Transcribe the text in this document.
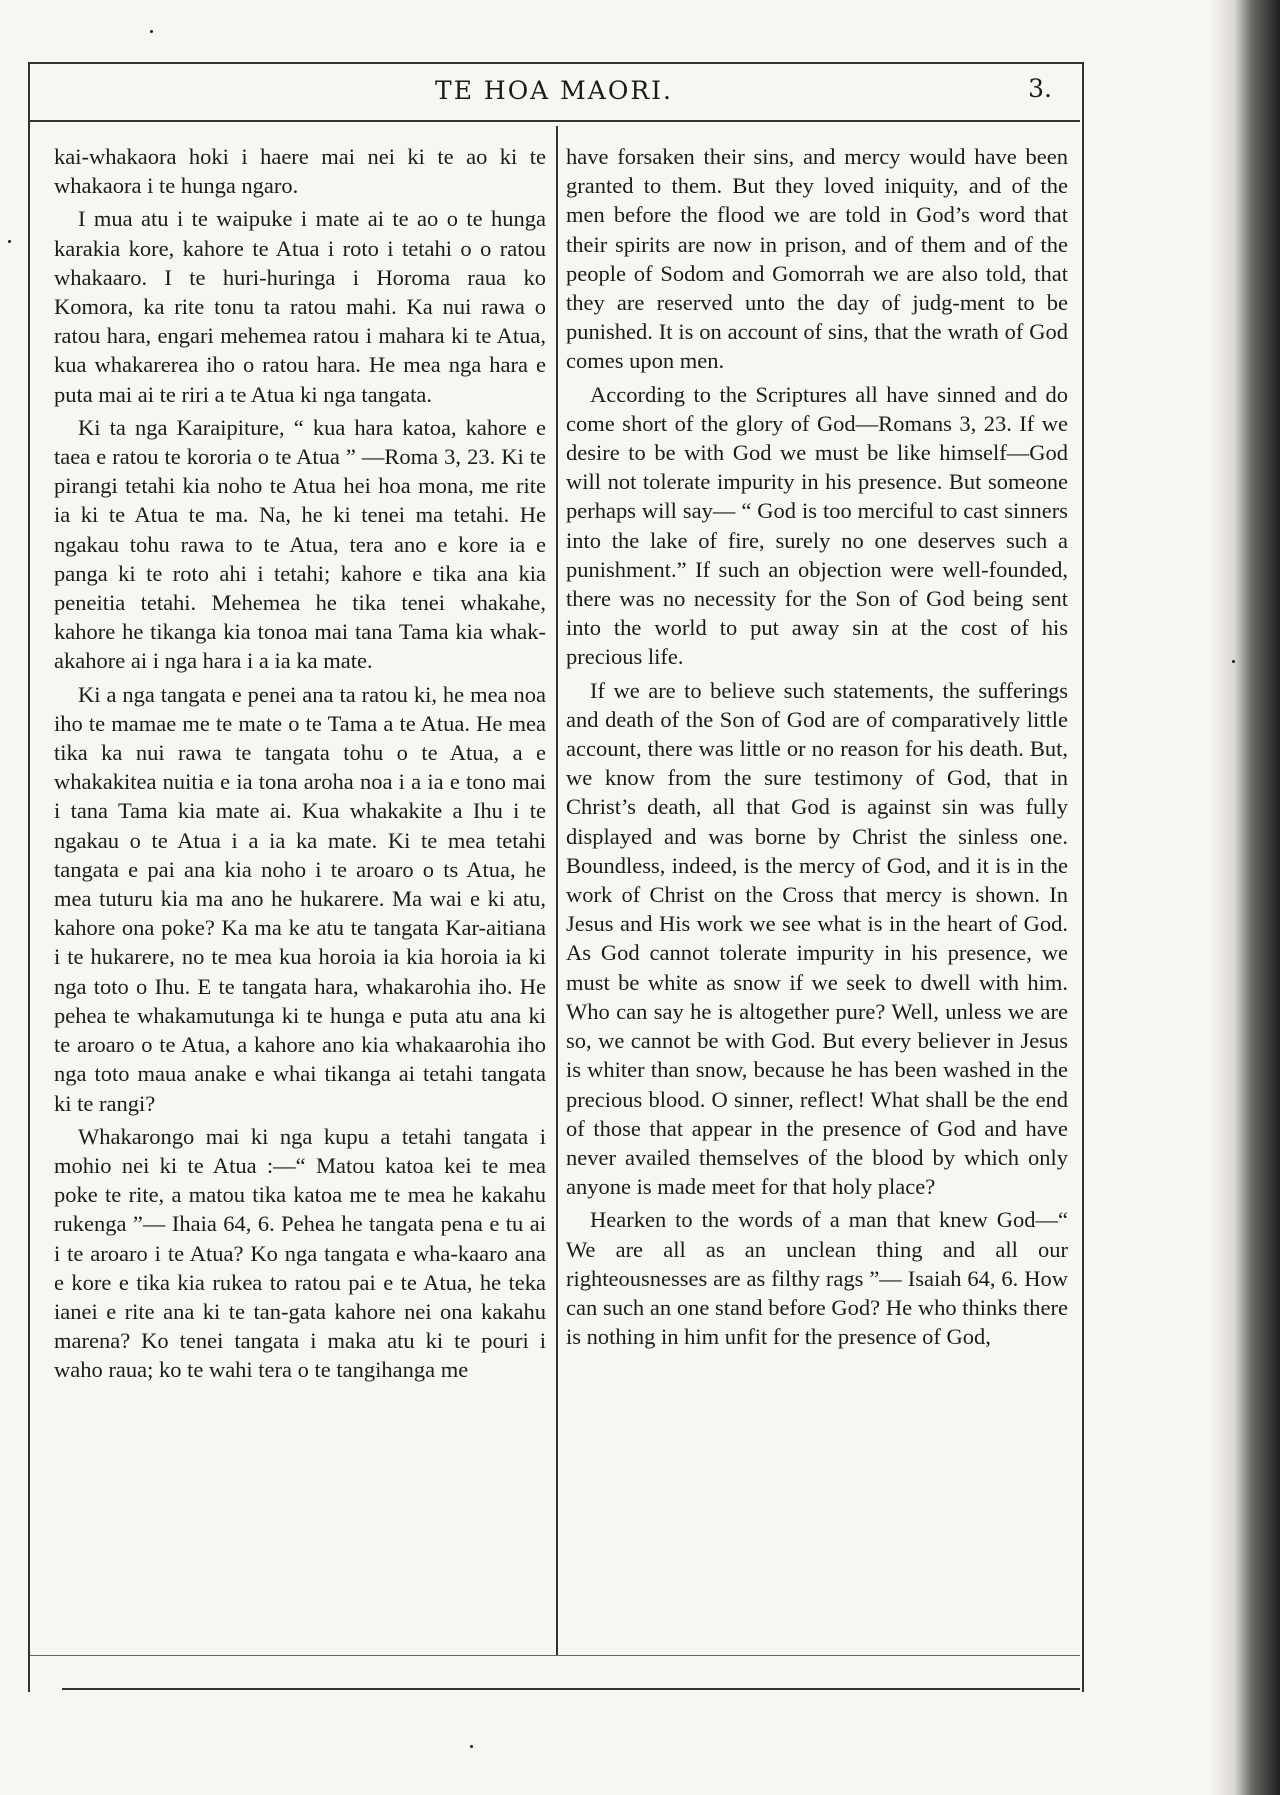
TE HOA MAORI.	3.

kai-whakaora hoki i haere mai nei ki te ao ki te whakaora i te hunga ngaro.

I mua atu i te waipuke i mate ai te ao o te hunga karakia kore, kahore te Atua i roto i tetahi o o ratou whakaaro. I te huri-huringa i Horoma raua ko Komora, ka rite tonu ta ratou mahi. Ka nui rawa o ratou hara, engari mehemea ratou i mahara ki te Atua, kua whakarerea iho o ratou hara. He mea nga hara e puta mai ai te riri a te Atua ki nga tangata.

Ki ta nga Karaipiture, “ kua hara katoa, kahore e taea e ratou te kororia o te Atua ” —Roma 3, 23. Ki te pirangi tetahi kia noho te Atua hei hoa mona, me rite ia ki te Atua te ma. Na, he ki tenei ma tetahi. He ngakau tohu rawa to te Atua, tera ano e kore ia e panga ki te roto ahi i tetahi; kahore e tika ana kia peneitia tetahi. Mehemea he tika tenei whakahe, kahore he tikanga kia tonoa mai tana Tama kia whak-akahore ai i nga hara i a ia ka mate.

Ki a nga tangata e penei ana ta ratou ki, he mea noa iho te mamae me te mate o te Tama a te Atua. He mea tika ka nui rawa te tangata tohu o te Atua, a e whakakitea nuitia e ia tona aroha noa i a ia e tono mai i tana Tama kia mate ai. Kua whakakite a Ihu i te ngakau o te Atua i a ia ka mate. Ki te mea tetahi tangata e pai ana kia noho i te aroaro o ts Atua, he mea tuturu kia ma ano he hukarere. Ma wai e ki atu, kahore ona poke? Ka ma ke atu te tangata Kar-aitiana i te hukarere, no te mea kua horoia ia kia horoia ia ki nga toto o Ihu. E te tangata hara, whakarohia iho. He pehea te whakamutunga ki te hunga e puta atu ana ki te aroaro o te Atua, a kahore ano kia whakaarohia iho nga toto maua anake e whai tikanga ai tetahi tangata ki te rangi?

Whakarongo mai ki nga kupu a tetahi tangata i mohio nei ki te Atua :—“ Matou katoa kei te mea poke te rite, a matou tika katoa me te mea he kakahu rukenga ”— Ihaia 64, 6. Pehea he tangata pena e tu ai i te aroaro i te Atua? Ko nga tangata e wha-kaaro ana e kore e tika kia rukea to ratou pai e te Atua, he teka ianei e rite ana ki te tan-gata kahore nei ona kakahu marena? Ko tenei tangata i maka atu ki te pouri i waho raua; ko te wahi tera o te tangihanga me

have forsaken their sins, and mercy would have been granted to them. But they loved iniquity, and of the men before the flood we are told in God’s word that their spirits are now in prison, and of them and of the people of Sodom and Gomorrah we are also told, that they are reserved unto the day of judg-ment to be punished. It is on account of sins, that the wrath of God comes upon men.

According to the Scriptures all have sinned and do come short of the glory of God—Romans 3, 23. If we desire to be with God we must be like himself—God will not tolerate impurity in his presence. But someone perhaps will say— “ God is too merciful to cast sinners into the lake of fire, surely no one deserves such a punishment.” If such an objection were well-founded, there was no necessity for the Son of God being sent into the world to put away sin at the cost of his precious life.

If we are to believe such statements, the sufferings and death of the Son of God are of comparatively little account, there was little or no reason for his death. But, we know from the sure testimony of God, that in Christ’s death, all that God is against sin was fully displayed and was borne by Christ the sinless one. Boundless, indeed, is the mercy of God, and it is in the work of Christ on the Cross that mercy is shown. In Jesus and His work we see what is in the heart of God. As God cannot tolerate impurity in his presence, we must be white as snow if we seek to dwell with him. Who can say he is altogether pure? Well, unless we are so, we cannot be with God. But every believer in Jesus is whiter than snow, because he has been washed in the precious blood. O sinner, reflect! What shall be the end of those that appear in the presence of God and have never availed themselves of the blood by which only anyone is made meet for that holy place?

Hearken to the words of a man that knew God—“ We are all as an unclean thing and all our righteousnesses are as filthy rags ”— Isaiah 64, 6. How can such an one stand before God? He who thinks there is nothing in him unfit for the presence of God,
